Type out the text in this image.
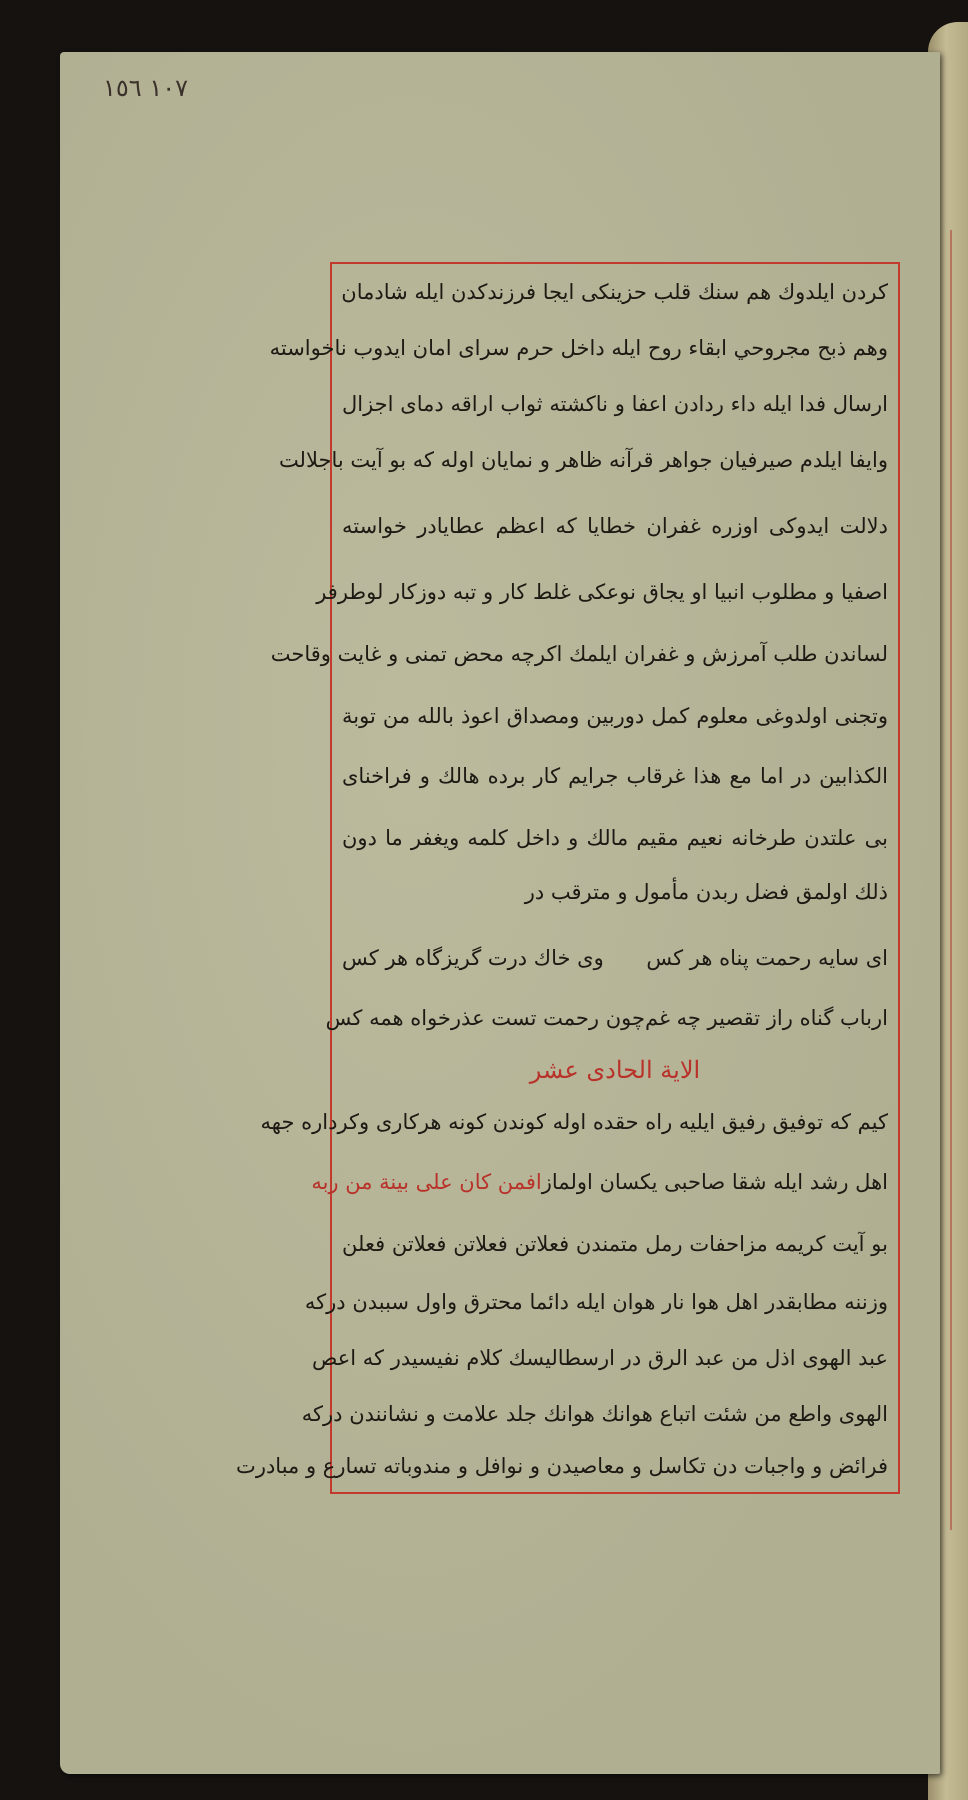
١٠٧ ١٥٦
كردن ايلدوك هم سنك قلب حزينكى ايجا فرزندكدن ايله شادمان
وهم ذبح مجروحي ابقاء روح ايله داخل حرم سراى امان ايدوب ناخواسته
ارسال فدا ايله داء ردادن اعفا و ناكشته ثواب اراقه دماى اجزال
وايفا ايلدم صيرفيان جواهر قرآنه ظاهر و نمايان اوله كه بو آيت باجلالت
دلالت ايدوكى اوزره غفران خطايا كه اعظم عطايادر خواسته
اصفيا و مطلوب انبيا او يجاق نوعكى غلط كار و تبه دوزكار لوطرفر
لساندن طلب آمرزش و غفران ايلمك اكرچه محض تمنى و غايت وقاحت
وتجنى اولدوغى معلوم كمل دوربين ومصداق اعوذ بالله من توبة
الكذابين در اما مع هذا غرقاب جرايم كار برده هالك و فراخناى
بى علتدن طرخانه نعيم مقيم مالك و داخل كلمه ويغفر ما دون
ذلك اولمق فضل ربدن مأمول و مترقب در
اى سايه رحمت پناه هر كس
وى خاك درت گريزگاه هر كس
ارباب گناه راز تقصير چه غم
چون رحمت تست عذرخواه همه كس
الاية الحادى عشر
كيم كه توفيق رفيق ايليه راه حقده اوله كوندن كونه هركارى وكرداره جهه
اهل رشد ايله شقا صاحبى يكسان اولماز
افمن كان على بينة من ربه
بو آيت كريمه مزاحفات رمل متمندن فعلاتن فعلاتن فعلاتن فعلن
وزننه مطابقدر اهل هوا نار هوان ايله دائما محترق واول سببدن دركه
عبد الهوى اذل من عبد الرق در ارسطاليسك كلام نفيسيدر كه اعص
الهوى واطع من شئت اتباع هوانك هوانك جلد علامت و نشانندن دركه
فرائض و واجبات دن تكاسل و معاصيدن و نوافل و مندوباته تسارع و مبادرت
